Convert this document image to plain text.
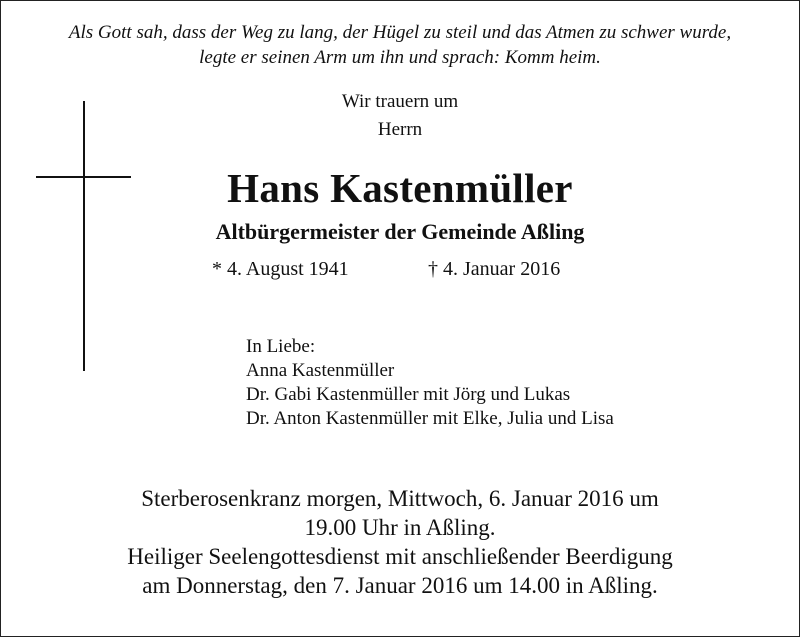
Als Gott sah, dass der Weg zu lang, der Hügel zu steil und das Atmen zu schwer wurde,
legte er seinen Arm um ihn und sprach: Komm heim.
Wir trauern um
Herrn
Hans Kastenmüller
Altbürgermeister der Gemeinde Aßling
* 4. August 1941	† 4. Januar 2016
In Liebe:
Anna Kastenmüller
Dr. Gabi Kastenmüller mit Jörg und Lukas
Dr. Anton Kastenmüller mit Elke, Julia und Lisa
Sterberosenkranz morgen, Mittwoch, 6. Januar 2016 um
19.00 Uhr in Aßling.
Heiliger Seelengottesdienst mit anschließender Beerdigung
am Donnerstag, den 7. Januar 2016 um 14.00 in Aßling.
